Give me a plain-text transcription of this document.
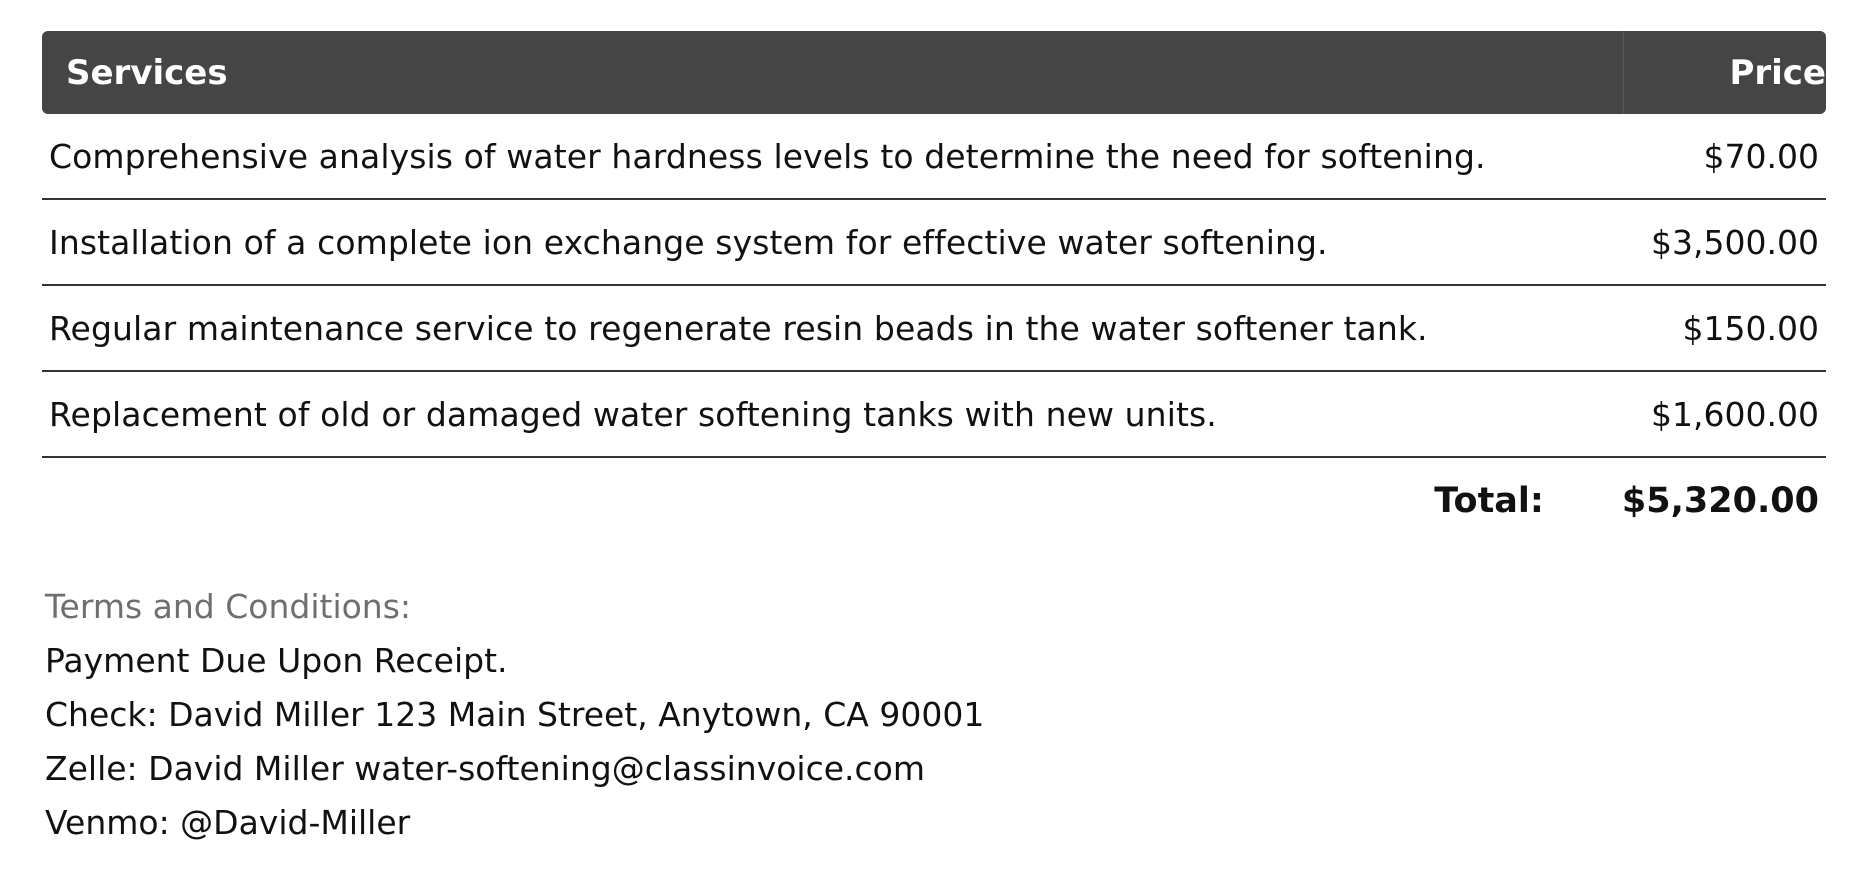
Services	Price
Comprehensive analysis of water hardness levels to determine the need for softening.	$70.00
Installation of a complete ion exchange system for effective water softening.	$3,500.00
Regular maintenance service to regenerate resin beads in the water softener tank.	$150.00
Replacement of old or damaged water softening tanks with new units.	$1,600.00
Total: $5,320.00
Terms and Conditions:
Payment Due Upon Receipt.
Check: David Miller 123 Main Street, Anytown, CA 90001
Zelle: David Miller water-softening@classinvoice.com
Venmo: @David-Miller
